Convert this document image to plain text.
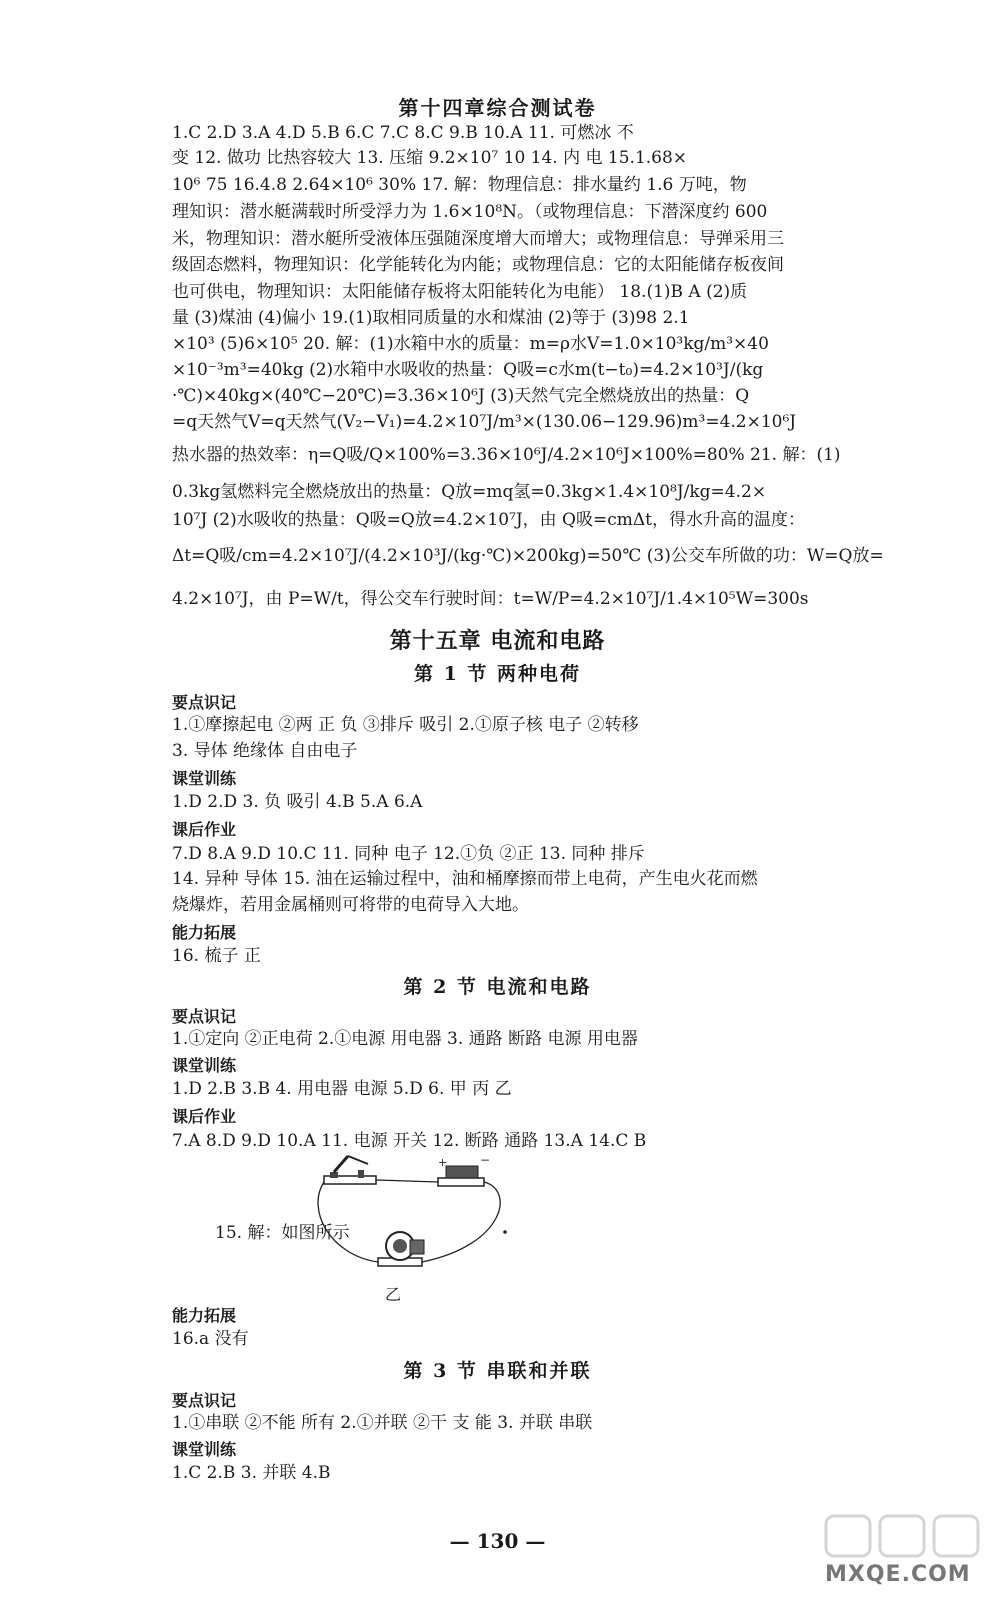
第十四章综合测试卷
1.C 2.D 3.A 4.D 5.B 6.C 7.C 8.C 9.B 10.A 11. 可燃冰 不
变 12. 做功 比热容较大 13. 压缩 9.2×10⁷ 10 14. 内 电 15.1.68×
10⁶ 75 16.4.8 2.64×10⁶ 30% 17. 解：物理信息：排水量约 1.6 万吨，物
理知识：潜水艇满载时所受浮力为 1.6×10⁸N。（或物理信息：下潜深度约 600
米，物理知识：潜水艇所受液体压强随深度增大而增大；或物理信息：导弹采用三
级固态燃料，物理知识：化学能转化为内能；或物理信息：它的太阳能储存板夜间
也可供电，物理知识：太阳能储存板将太阳能转化为电能） 18.(1)B A (2)质
量 (3)煤油 (4)偏小 19.(1)取相同质量的水和煤油 (2)等于 (3)98 2.1
×10³ (5)6×10⁵ 20. 解：(1)水箱中水的质量：m=ρ水V=1.0×10³kg/m³×40
×10⁻³m³=40kg (2)水箱中水吸收的热量：Q吸=c水m(t−t₀)=4.2×10³J/(kg
·℃)×40kg×(40℃−20℃)=3.36×10⁶J (3)天然气完全燃烧放出的热量：Q
=q天然气V=q天然气(V₂−V₁)=4.2×10⁷J/m³×(130.06−129.96)m³=4.2×10⁶J
热水器的热效率：η=Q吸/Q×100%=3.36×10⁶J/4.2×10⁶J×100%=80% 21. 解：(1)
0.3kg氢燃料完全燃烧放出的热量：Q放=mq氢=0.3kg×1.4×10⁸J/kg=4.2×
10⁷J (2)水吸收的热量：Q吸=Q放=4.2×10⁷J，由 Q吸=cmΔt，得水升高的温度：
Δt=Q吸/cm=4.2×10⁷J/(4.2×10³J/(kg·℃)×200kg)=50℃ (3)公交车所做的功：W=Q放=
4.2×10⁷J，由 P=W/t，得公交车行驶时间：t=W/P=4.2×10⁷J/1.4×10⁵W=300s
第十五章 电流和电路
第 1 节 两种电荷
要点识记
1.①摩擦起电 ②两 正 负 ③排斥 吸引 2.①原子核 电子 ②转移
3. 导体 绝缘体 自由电子
课堂训练
1.D 2.D 3. 负 吸引 4.B 5.A 6.A
课后作业
7.D 8.A 9.D 10.C 11. 同种 电子 12.①负 ②正 13. 同种 排斥
14. 异种 导体 15. 油在运输过程中，油和桶摩擦而带上电荷，产生电火花而燃
烧爆炸，若用金属桶则可将带的电荷导入大地。
能力拓展
16. 梳子 正
第 2 节 电流和电路
要点识记
1.①定向 ②正电荷 2.①电源 用电器 3. 通路 断路 电源 用电器
课堂训练
1.D 2.B 3.B 4. 用电器 电源 5.D 6. 甲 丙 乙
课后作业
7.A 8.D 9.D 10.A 11. 电源 开关 12. 断路 通路 13.A 14.C B
15. 解：如图所示
+	−
乙
能力拓展
16.a 没有
第 3 节 串联和并联
要点识记
1.①串联 ②不能 所有 2.①并联 ②干 支 能 3. 并联 串联
课堂训练
1.C 2.B 3. 并联 4.B
— 130 —
MXQE.COM
